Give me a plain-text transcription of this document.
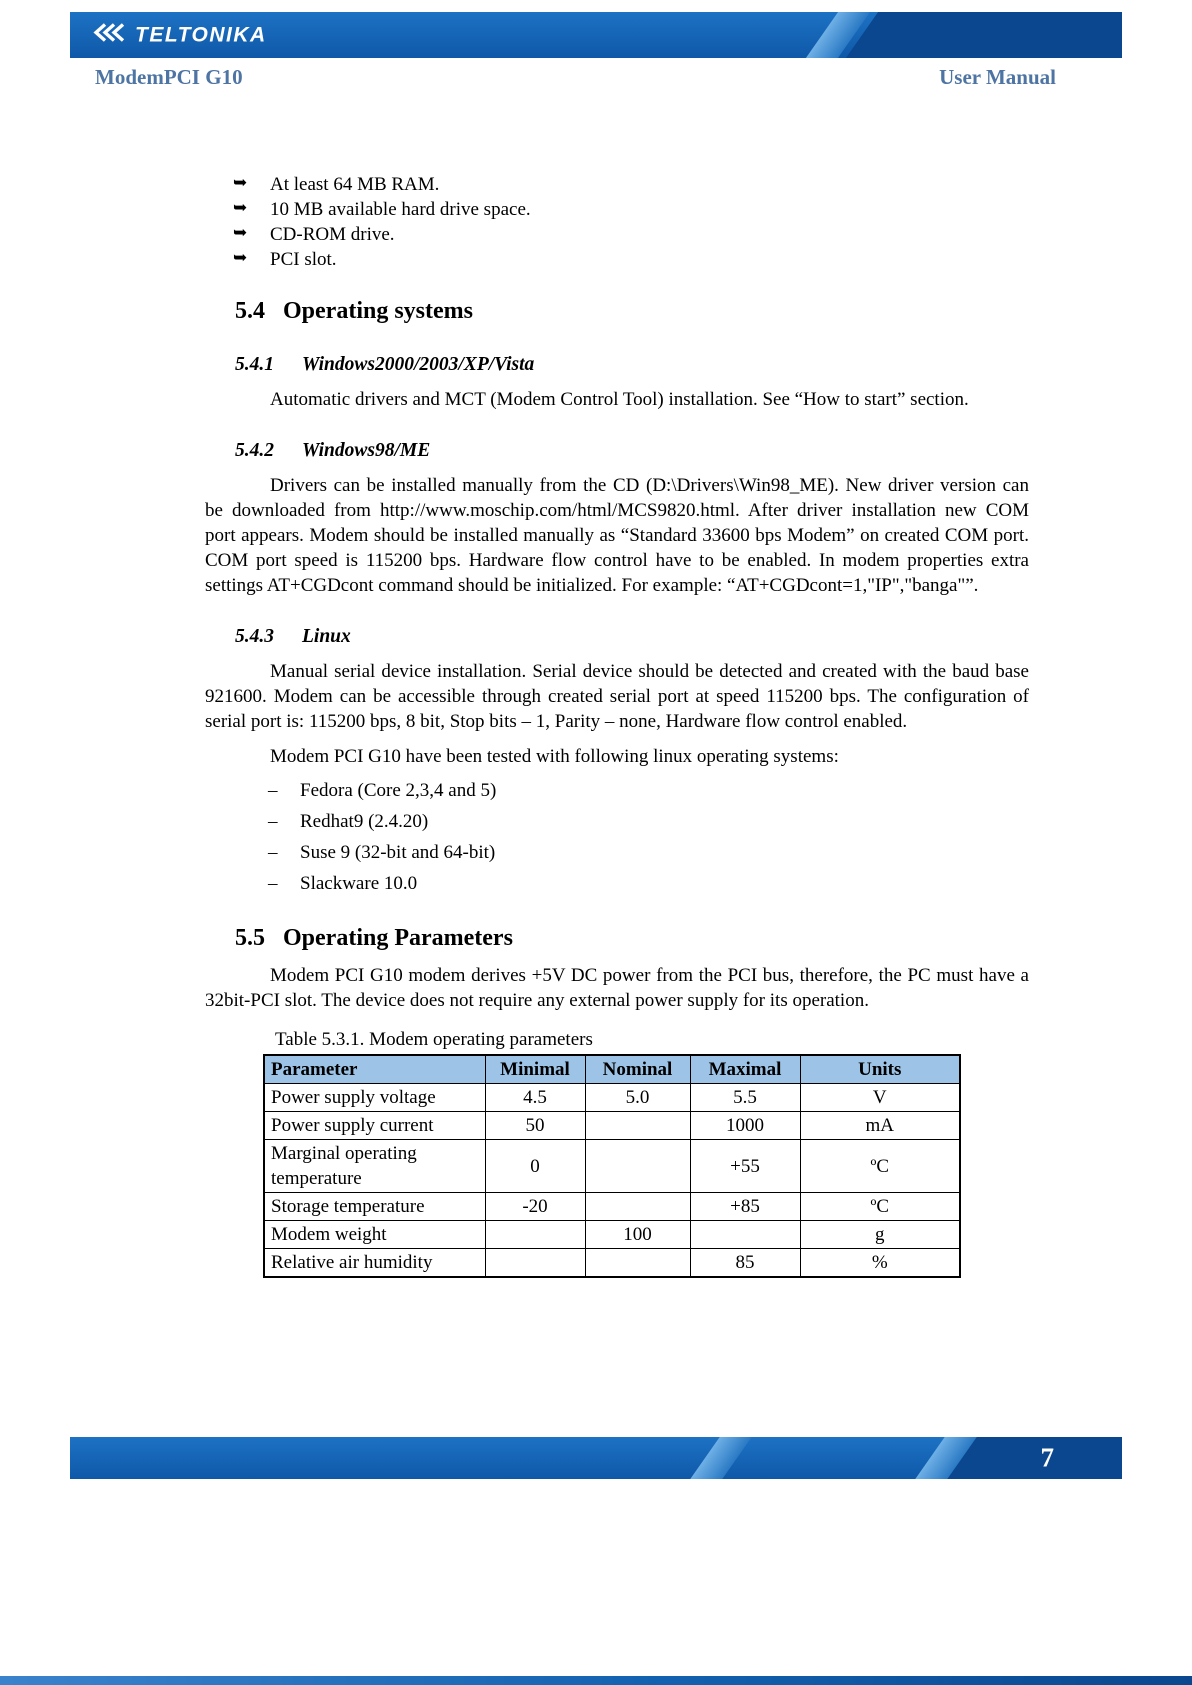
TELTONIKA
ModemPCI G10	User Manual
➥ At least 64 MB RAM.
➥ 10 MB available hard drive space.
➥ CD-ROM drive.
➥ PCI slot.
5.4 Operating systems
5.4.1 Windows2000/2003/XP/Vista

Automatic drivers and MCT (Modem Control Tool) installation. See “How to start” section.

5.4.2 Windows98/ME

Drivers can be installed manually from the CD (D:\Drivers\Win98_ME). New driver version can be downloaded from http://www.moschip.com/html/MCS9820.html. After driver installation new COM port appears. Modem should be installed manually as “Standard 33600 bps Modem” on created COM port. COM port speed is 115200 bps. Hardware flow control have to be enabled. In modem properties extra settings AT+CGDcont command should be initialized. For example: “AT+CGDcont=1,"IP","banga"”.

5.4.3 Linux

Manual serial device installation. Serial device should be detected and created with the baud base 921600. Modem can be accessible through created serial port at speed 115200 bps. The configuration of serial port is: 115200 bps, 8 bit, Stop bits – 1, Parity – none, Hardware flow control enabled.

Modem PCI G10 have been tested with following linux operating systems:

– Fedora (Core 2,3,4 and 5)
– Redhat9 (2.4.20)
– Suse 9 (32-bit and 64-bit)
– Slackware 10.0
5.5 Operating Parameters

Modem PCI G10 modem derives +5V DC power from the PCI bus, therefore, the PC must have a 32bit-PCI slot. The device does not require any external power supply for its operation.

Table 5.3.1. Modem operating parameters

Parameter	Minimal	Nominal	Maximal	Units
Power supply voltage	4.5	5.0	5.5	V
Power supply current	50		1000	mA
Marginal operating temperature	0		+55	ºC
Storage temperature	-20		+85	ºC
Modem weight		100		g
Relative air humidity			85	%
7
